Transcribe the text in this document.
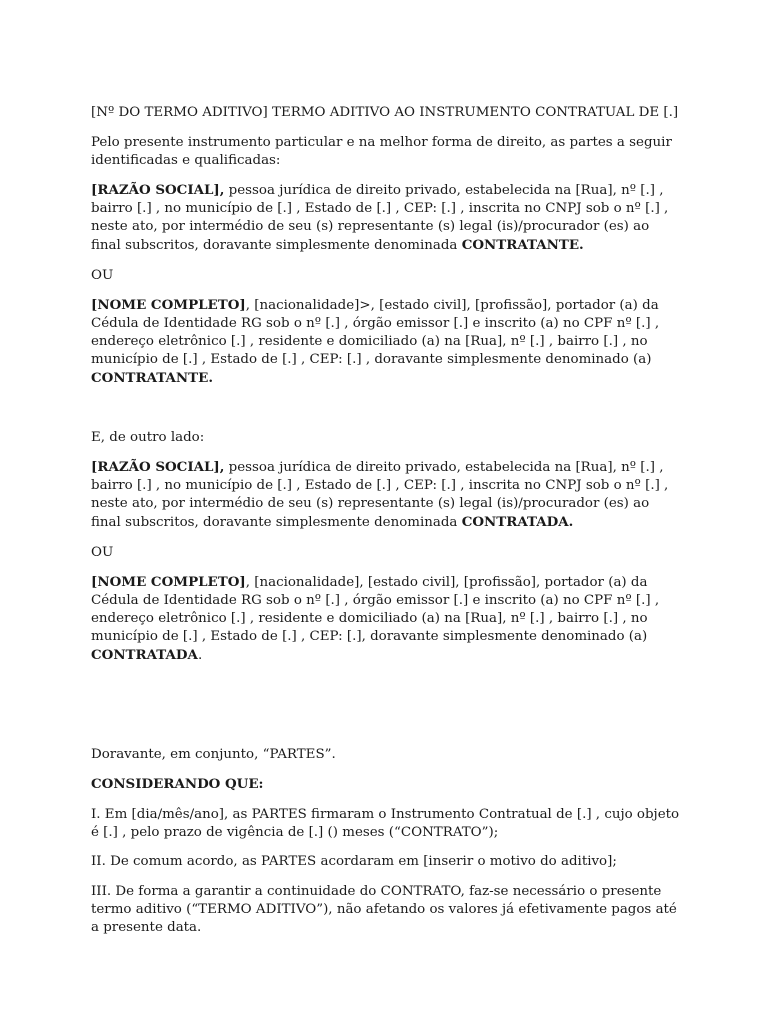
[Nº DO TERMO ADITIVO] TERMO ADITIVO AO INSTRUMENTO CONTRATUAL DE [.]

Pelo presente instrumento particular e na melhor forma de direito, as partes a seguir identificadas e qualificadas:

[RAZÃO SOCIAL], pessoa jurídica de direito privado, estabelecida na [Rua], nº [.] , bairro [.] , no município de [.] , Estado de [.] , CEP: [.] , inscrita no CNPJ sob o nº [.] , neste ato, por intermédio de seu (s) representante (s) legal (is)/procurador (es) ao final subscritos, doravante simplesmente denominada CONTRATANTE.

OU

[NOME COMPLETO], [nacionalidade]>, [estado civil], [profissão], portador (a) da Cédula de Identidade RG sob o nº [.] , órgão emissor [.] e inscrito (a) no CPF nº [.] , endereço eletrônico [.] , residente e domiciliado (a) na [Rua], nº [.] , bairro [.] , no município de [.] , Estado de [.] , CEP: [.] , doravante simplesmente denominado (a) CONTRATANTE.

E, de outro lado:

[RAZÃO SOCIAL], pessoa jurídica de direito privado, estabelecida na [Rua], nº [.] , bairro [.] , no município de [.] , Estado de [.] , CEP: [.] , inscrita no CNPJ sob o nº [.] , neste ato, por intermédio de seu (s) representante (s) legal (is)/procurador (es) ao final subscritos, doravante simplesmente denominada CONTRATADA.

OU

[NOME COMPLETO], [nacionalidade], [estado civil], [profissão], portador (a) da Cédula de Identidade RG sob o nº [.] , órgão emissor [.] e inscrito (a) no CPF nº [.] , endereço eletrônico [.] , residente e domiciliado (a) na [Rua], nº [.] , bairro [.] , no município de [.] , Estado de [.] , CEP: [.], doravante simplesmente denominado (a) CONTRATADA.

Doravante, em conjunto, “PARTES”.

CONSIDERANDO QUE:

I. Em [dia/mês/ano], as PARTES firmaram o Instrumento Contratual de [.] , cujo objeto é [.] , pelo prazo de vigência de [.] () meses (“CONTRATO”);

II. De comum acordo, as PARTES acordaram em [inserir o motivo do aditivo];

III. De forma a garantir a continuidade do CONTRATO, faz-se necessário o presente termo aditivo (“TERMO ADITIVO”), não afetando os valores já efetivamente pagos até a presente data.
